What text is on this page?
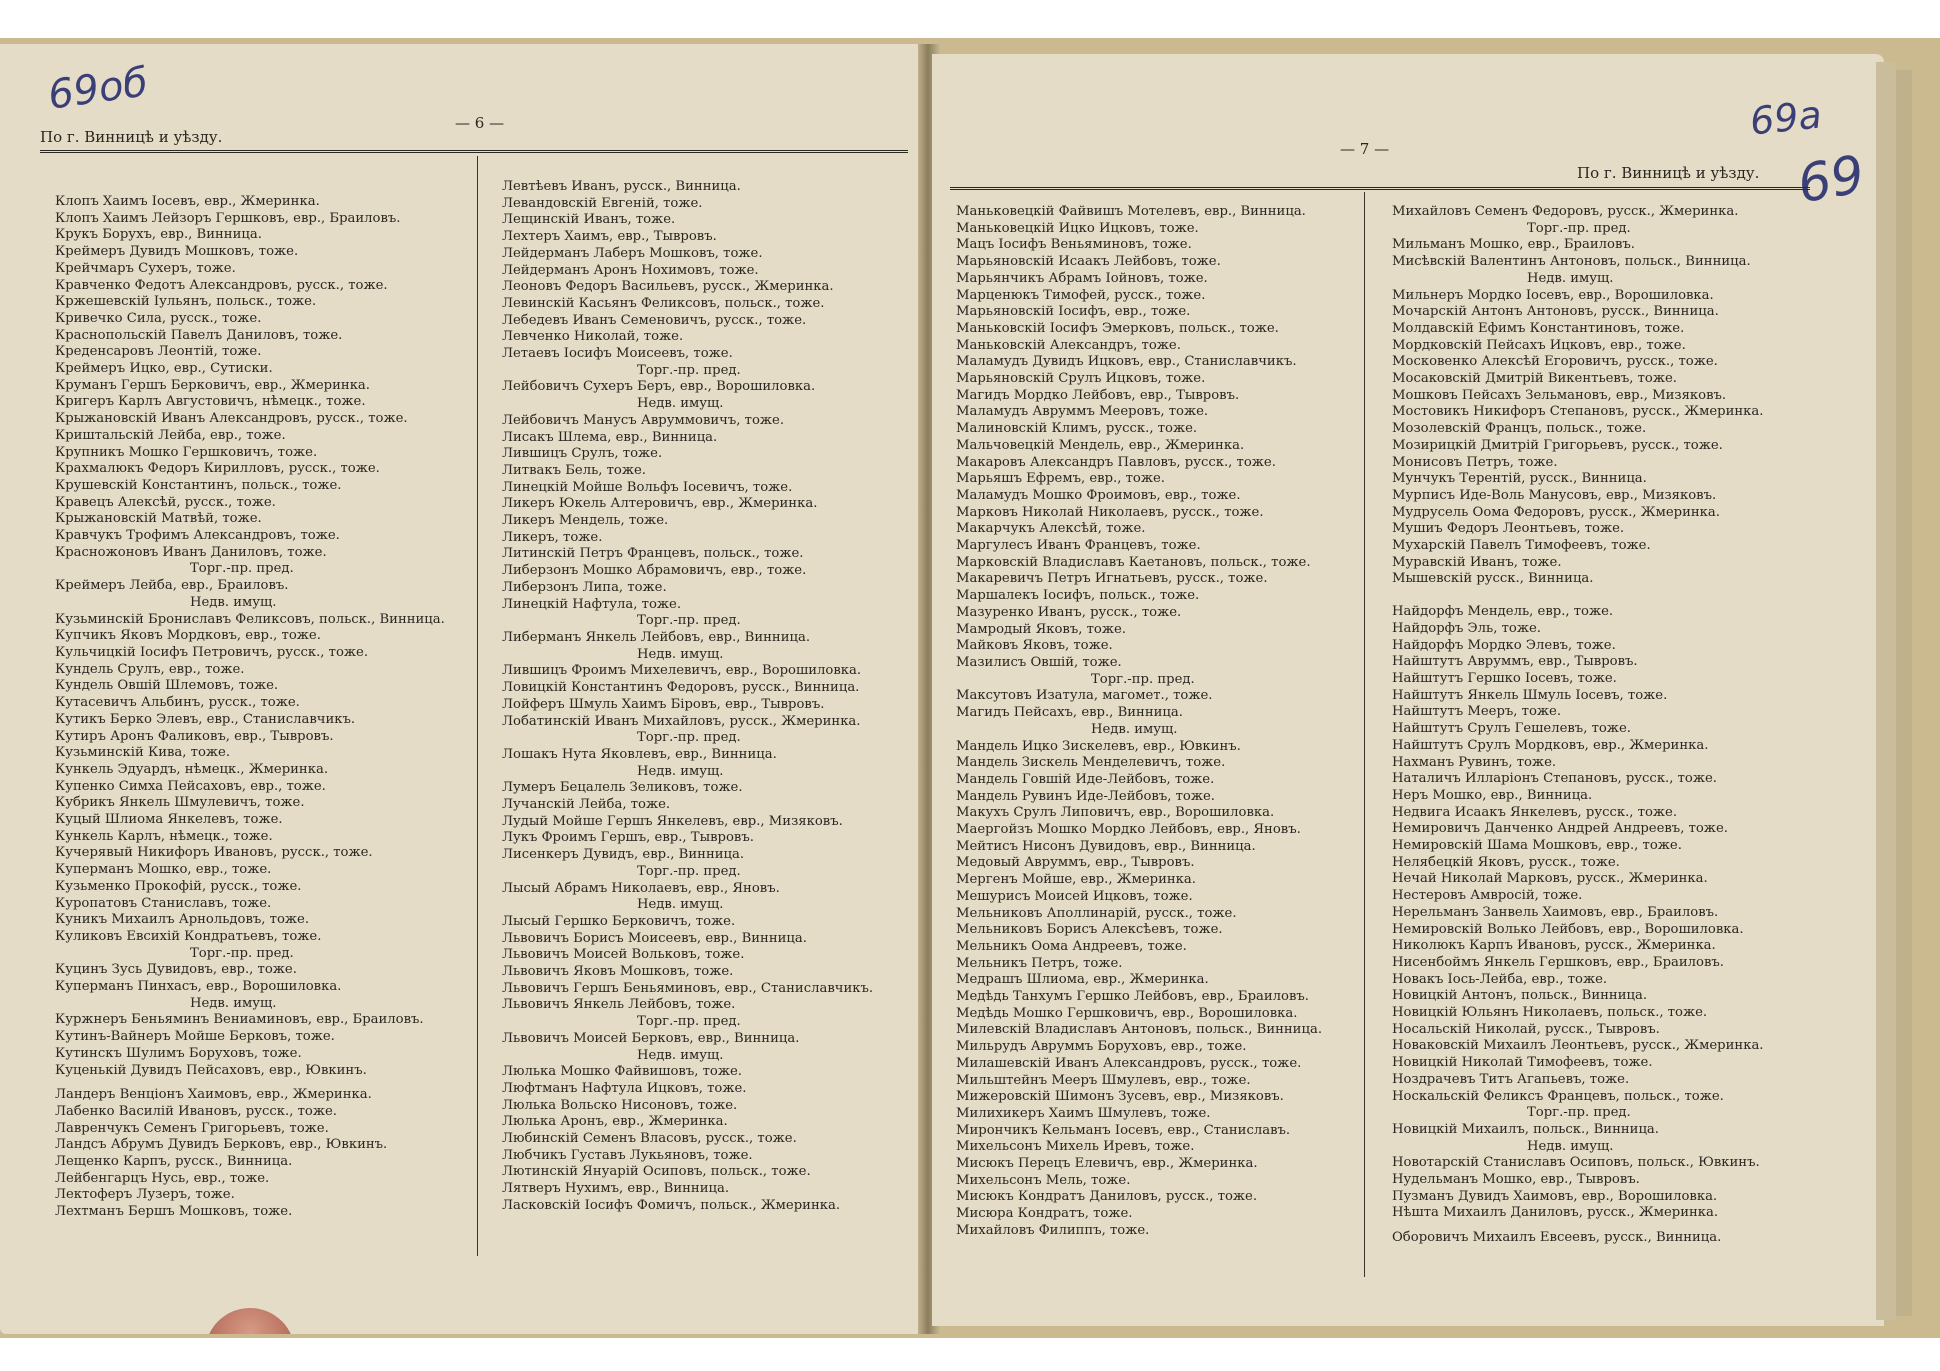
69об
По г. Винницѣ и уѣзду.
— 6 —
Клопъ Хаимъ Іосевъ, евр., Жмеринка.
Клопъ Хаимъ Лейзоръ Гершковъ, евр., Браиловъ.
Крукъ Борухъ, евр., Винница.
Креймеръ Дувидъ Мошковъ, тоже.
Крейчмаръ Сухеръ, тоже.
Кравченко Федотъ Александровъ, русск., тоже.
Кржешевскій Іульянъ, польск., тоже.
Кривечко Сила, русск., тоже.
Краснопольскій Павелъ Даниловъ, тоже.
Креденсаровъ Леонтій, тоже.
Креймеръ Ицко, евр., Сутиски.
Круманъ Гершъ Берковичъ, евр., Жмеринка.
Кригеръ Карлъ Августовичъ, нѣмецк., тоже.
Крыжановскій Иванъ Александровъ, русск., тоже.
Криштальскій Лейба, евр., тоже.
Крупникъ Мошко Гершковичъ, тоже.
Крахмалюкъ Федоръ Кирилловъ, русск., тоже.
Крушевскій Константинъ, польск., тоже.
Кравецъ Алексѣй, русск., тоже.
Крыжановскій Матвѣй, тоже.
Кравчукъ Трофимъ Александровъ, тоже.
Красножоновъ Иванъ Даниловъ, тоже.
Торг.-пр. пред.
Креймеръ Лейба, евр., Браиловъ.
Недв. имущ.
Кузьминскій Брониславъ Феликсовъ, польск., Винница.
Купчикъ Яковъ Мордковъ, евр., тоже.
Кульчицкій Іосифъ Петровичъ, русск., тоже.
Кундель Срулъ, евр., тоже.
Кундель Овшій Шлемовъ, тоже.
Кутасевичъ Альбинъ, русск., тоже.
Кутикъ Берко Элевъ, евр., Станиславчикъ.
Кутиръ Аронъ Фаликовъ, евр., Тывровъ.
Кузьминскій Кива, тоже.
Кункель Эдуардъ, нѣмецк., Жмеринка.
Купенко Симха Пейсаховъ, евр., тоже.
Кубрикъ Янкель Шмулевичъ, тоже.
Куцый Шлиома Янкелевъ, тоже.
Кункель Карлъ, нѣмецк., тоже.
Кучерявый Никифоръ Ивановъ, русск., тоже.
Куперманъ Мошко, евр., тоже.
Кузьменко Прокофій, русск., тоже.
Куропатовъ Станиславъ, тоже.
Куникъ Михаилъ Арнольдовъ, тоже.
Куликовъ Евсихій Кондратьевъ, тоже.
Торг.-пр. пред.
Куцинъ Зусь Дувидовъ, евр., тоже.
Куперманъ Пинхасъ, евр., Ворошиловка.
Недв. имущ.
Куржнеръ Беньяминъ Вениаминовъ, евр., Браиловъ.
Кутинъ-Вайнеръ Мойше Берковъ, тоже.
Кутинскъ Шулимъ Боруховъ, тоже.
Куценькій Дувидъ Пейсаховъ, евр., Ювкинъ.
Ландеръ Венціонъ Хаимовъ, евр., Жмеринка.
Лабенко Василій Ивановъ, русск., тоже.
Лавренчукъ Семенъ Григорьевъ, тоже.
Ландсъ Абрумъ Дувидъ Берковъ, евр., Ювкинъ.
Лещенко Карпъ, русск., Винница.
Лейбенгарцъ Нусь, евр., тоже.
Лектоферъ Лузеръ, тоже.
Лехтманъ Бершъ Мошковъ, тоже.
Левтѣевъ Иванъ, русск., Винница.
Левандовскій Евгеній, тоже.
Лещинскій Иванъ, тоже.
Лехтеръ Хаимъ, евр., Тывровъ.
Лейдерманъ Лаберъ Мошковъ, тоже.
Лейдерманъ Аронъ Нохимовъ, тоже.
Леоновъ Федоръ Васильевъ, русск., Жмеринка.
Левинскій Касьянъ Феликсовъ, польск., тоже.
Лебедевъ Иванъ Семеновичъ, русск., тоже.
Левченко Николай, тоже.
Летаевъ Іосифъ Моисеевъ, тоже.
Торг.-пр. пред.
Лейбовичъ Сухеръ Беръ, евр., Ворошиловка.
Недв. имущ.
Лейбовичъ Манусъ Авруммовичъ, тоже.
Лисакъ Шлема, евр., Винница.
Лившицъ Срулъ, тоже.
Литвакъ Бель, тоже.
Линецкій Мойше Вольфъ Іосевичъ, тоже.
Ликеръ Юкель Алтеровичъ, евр., Жмеринка.
Ликеръ Мендель, тоже.
Ликеръ, тоже.
Литинскій Петръ Францевъ, польск., тоже.
Либерзонъ Мошко Абрамовичъ, евр., тоже.
Либерзонъ Липа, тоже.
Линецкій Нафтула, тоже.
Торг.-пр. пред.
Либерманъ Янкель Лейбовъ, евр., Винница.
Недв. имущ.
Лившицъ Фроимъ Михелевичъ, евр., Ворошиловка.
Ловицкій Константинъ Федоровъ, русск., Винница.
Лойферъ Шмуль Хаимъ Біровъ, евр., Тывровъ.
Лобатинскій Иванъ Михайловъ, русск., Жмеринка.
Торг.-пр. пред.
Лошакъ Нута Яковлевъ, евр., Винница.
Недв. имущ.
Лумеръ Бецалель Зеликовъ, тоже.
Лучанскій Лейба, тоже.
Лудый Мойше Гершъ Янкелевъ, евр., Мизяковъ.
Лукъ Фроимъ Гершъ, евр., Тывровъ.
Лисенкеръ Дувидъ, евр., Винница.
Торг.-пр. пред.
Лысый Абрамъ Николаевъ, евр., Яновъ.
Недв. имущ.
Лысый Гершко Берковичъ, тоже.
Львовичъ Борисъ Моисеевъ, евр., Винница.
Львовичъ Моисей Вольковъ, тоже.
Львовичъ Яковъ Мошковъ, тоже.
Львовичъ Гершъ Беньяминовъ, евр., Станиславчикъ.
Львовичъ Янкель Лейбовъ, тоже.
Торг.-пр. пред.
Львовичъ Моисей Берковъ, евр., Винница.
Недв. имущ.
Люлька Мошко Файвишовъ, тоже.
Люфтманъ Нафтула Ицковъ, тоже.
Люлька Вольско Нисоновъ, тоже.
Люлька Аронъ, евр., Жмеринка.
Любинскій Семенъ Власовъ, русск., тоже.
Любчикъ Густавъ Лукьяновъ, тоже.
Лютинскій Януарій Осиповъ, польск., тоже.
Лятверъ Нухимъ, евр., Винница.
Ласковскій Іосифъ Фомичъ, польск., Жмеринка.
69а
69
— 7 —
По г. Винницѣ и уѣзду.
Маньковецкій Файвишъ Мотелевъ, евр., Винница.
Маньковецкій Ицко Ицковъ, тоже.
Мацъ Іосифъ Веньяминовъ, тоже.
Марьяновскій Исаакъ Лейбовъ, тоже.
Марьянчикъ Абрамъ Іойновъ, тоже.
Марценюкъ Тимофей, русск., тоже.
Марьяновскій Іосифъ, евр., тоже.
Маньковскій Іосифъ Эмерковъ, польск., тоже.
Маньковскій Александръ, тоже.
Маламудъ Дувидъ Ицковъ, евр., Станиславчикъ.
Марьяновскій Срулъ Ицковъ, тоже.
Магидъ Мордко Лейбовъ, евр., Тывровъ.
Маламудъ Авруммъ Мееровъ, тоже.
Малиновскій Климъ, русск., тоже.
Мальчовецкій Мендель, евр., Жмеринка.
Макаровъ Александръ Павловъ, русск., тоже.
Марьяшъ Ефремъ, евр., тоже.
Маламудъ Мошко Фроимовъ, евр., тоже.
Марковъ Николай Николаевъ, русск., тоже.
Макарчукъ Алексѣй, тоже.
Маргулесъ Иванъ Францевъ, тоже.
Марковскій Владиславъ Каетановъ, польск., тоже.
Макаревичъ Петръ Игнатьевъ, русск., тоже.
Маршалекъ Іосифъ, польск., тоже.
Мазуренко Иванъ, русск., тоже.
Мамродый Яковъ, тоже.
Майковъ Яковъ, тоже.
Мазилисъ Овшій, тоже.
Торг.-пр. пред.
Максутовъ Изатула, магомет., тоже.
Магидъ Пейсахъ, евр., Винница.
Недв. имущ.
Мандель Ицко Зискелевъ, евр., Ювкинъ.
Мандель Зискель Менделевичъ, тоже.
Мандель Говшій Иде-Лейбовъ, тоже.
Мандель Рувинъ Иде-Лейбовъ, тоже.
Макухъ Срулъ Липовичъ, евр., Ворошиловка.
Маергойзъ Мошко Мордко Лейбовъ, евр., Яновъ.
Мейтисъ Нисонъ Дувидовъ, евр., Винница.
Медовый Авруммъ, евр., Тывровъ.
Мергенъ Мойше, евр., Жмеринка.
Мешурисъ Моисей Ицковъ, тоже.
Мельниковъ Аполлинарій, русск., тоже.
Мельниковъ Борисъ Алексѣевъ, тоже.
Мельникъ Оома Андреевъ, тоже.
Мельникъ Петръ, тоже.
Медрашъ Шлиома, евр., Жмеринка.
Медѣдь Танхумъ Гершко Лейбовъ, евр., Браиловъ.
Медѣдь Мошко Гершковичъ, евр., Ворошиловка.
Милевскій Владиславъ Антоновъ, польск., Винница.
Мильрудъ Авруммъ Боруховъ, евр., тоже.
Милашевскій Иванъ Александровъ, русск., тоже.
Мильштейнъ Мееръ Шмулевъ, евр., тоже.
Мижеровскій Шимонъ Зусевъ, евр., Мизяковъ.
Милихикеръ Хаимъ Шмулевъ, тоже.
Мирончикъ Кельманъ Іосевъ, евр., Станиславъ.
Михельсонъ Михель Иревъ, тоже.
Мисюкъ Перецъ Елевичъ, евр., Жмеринка.
Михельсонъ Мель, тоже.
Мисюкъ Кондратъ Даниловъ, русск., тоже.
Мисюра Кондратъ, тоже.
Михайловъ Филиппъ, тоже.
Михайловъ Семенъ Федоровъ, русск., Жмеринка.
Торг.-пр. пред.
Мильманъ Мошко, евр., Браиловъ.
Мисѣвскій Валентинъ Антоновъ, польск., Винница.
Недв. имущ.
Мильнеръ Мордко Іосевъ, евр., Ворошиловка.
Мочарскій Антонъ Антоновъ, русск., Винница.
Молдавскій Ефимъ Константиновъ, тоже.
Мордковскій Пейсахъ Ицковъ, евр., тоже.
Московенко Алексѣй Егоровичъ, русск., тоже.
Мосаковскій Дмитрій Викентьевъ, тоже.
Мошковъ Пейсахъ Зельмановъ, евр., Мизяковъ.
Мостовикъ Никифоръ Степановъ, русск., Жмеринка.
Мозолевскій Францъ, польск., тоже.
Мозирицкій Дмитрій Григорьевъ, русск., тоже.
Монисовъ Петръ, тоже.
Мунчукъ Терентій, русск., Винница.
Мурписъ Иде-Воль Манусовъ, евр., Мизяковъ.
Мудрусель Оома Федоровъ, русск., Жмеринка.
Мушиъ Федоръ Леонтьевъ, тоже.
Мухарскій Павелъ Тимофеевъ, тоже.
Муравскій Иванъ, тоже.
Мышевскій русск., Винница.
Найдорфъ Мендель, евр., тоже.
Найдорфъ Эль, тоже.
Найдорфъ Мордко Элевъ, тоже.
Найштутъ Авруммъ, евр., Тывровъ.
Найштутъ Гершко Іосевъ, тоже.
Найштутъ Янкель Шмуль Іосевъ, тоже.
Найштутъ Мееръ, тоже.
Найштутъ Срулъ Гешелевъ, тоже.
Найштутъ Срулъ Мордковъ, евр., Жмеринка.
Нахманъ Рувинъ, тоже.
Наталичъ Илларіонъ Степановъ, русск., тоже.
Неръ Мошко, евр., Винница.
Недвига Исаакъ Янкелевъ, русск., тоже.
Немировичъ Данченко Андрей Андреевъ, тоже.
Немировскій Шама Мошковъ, евр., тоже.
Нелябецкій Яковъ, русск., тоже.
Нечай Николай Марковъ, русск., Жмеринка.
Нестеровъ Амвросій, тоже.
Нерельманъ Занвель Хаимовъ, евр., Браиловъ.
Немировскій Волько Лейбовъ, евр., Ворошиловка.
Николюкъ Карпъ Ивановъ, русск., Жмеринка.
Нисенбоймъ Янкель Гершковъ, евр., Браиловъ.
Новакъ Іось-Лейба, евр., тоже.
Новицкій Антонъ, польск., Винница.
Новицкій Юльянъ Николаевъ, польск., тоже.
Носальскій Николай, русск., Тывровъ.
Новаковскій Михаилъ Леонтьевъ, русск., Жмеринка.
Новицкій Николай Тимофеевъ, тоже.
Ноздрачевъ Титъ Агапьевъ, тоже.
Носкальскій Феликсъ Францевъ, польск., тоже.
Торг.-пр. пред.
Новицкій Михаилъ, польск., Винница.
Недв. имущ.
Новотарскій Станиславъ Осиповъ, польск., Ювкинъ.
Нудельманъ Мошко, евр., Тывровъ.
Пузманъ Дувидъ Хаимовъ, евр., Ворошиловка.
Нѣшта Михаилъ Даниловъ, русск., Жмеринка.
Оборовичъ Михаилъ Евсеевъ, русск., Винница.
